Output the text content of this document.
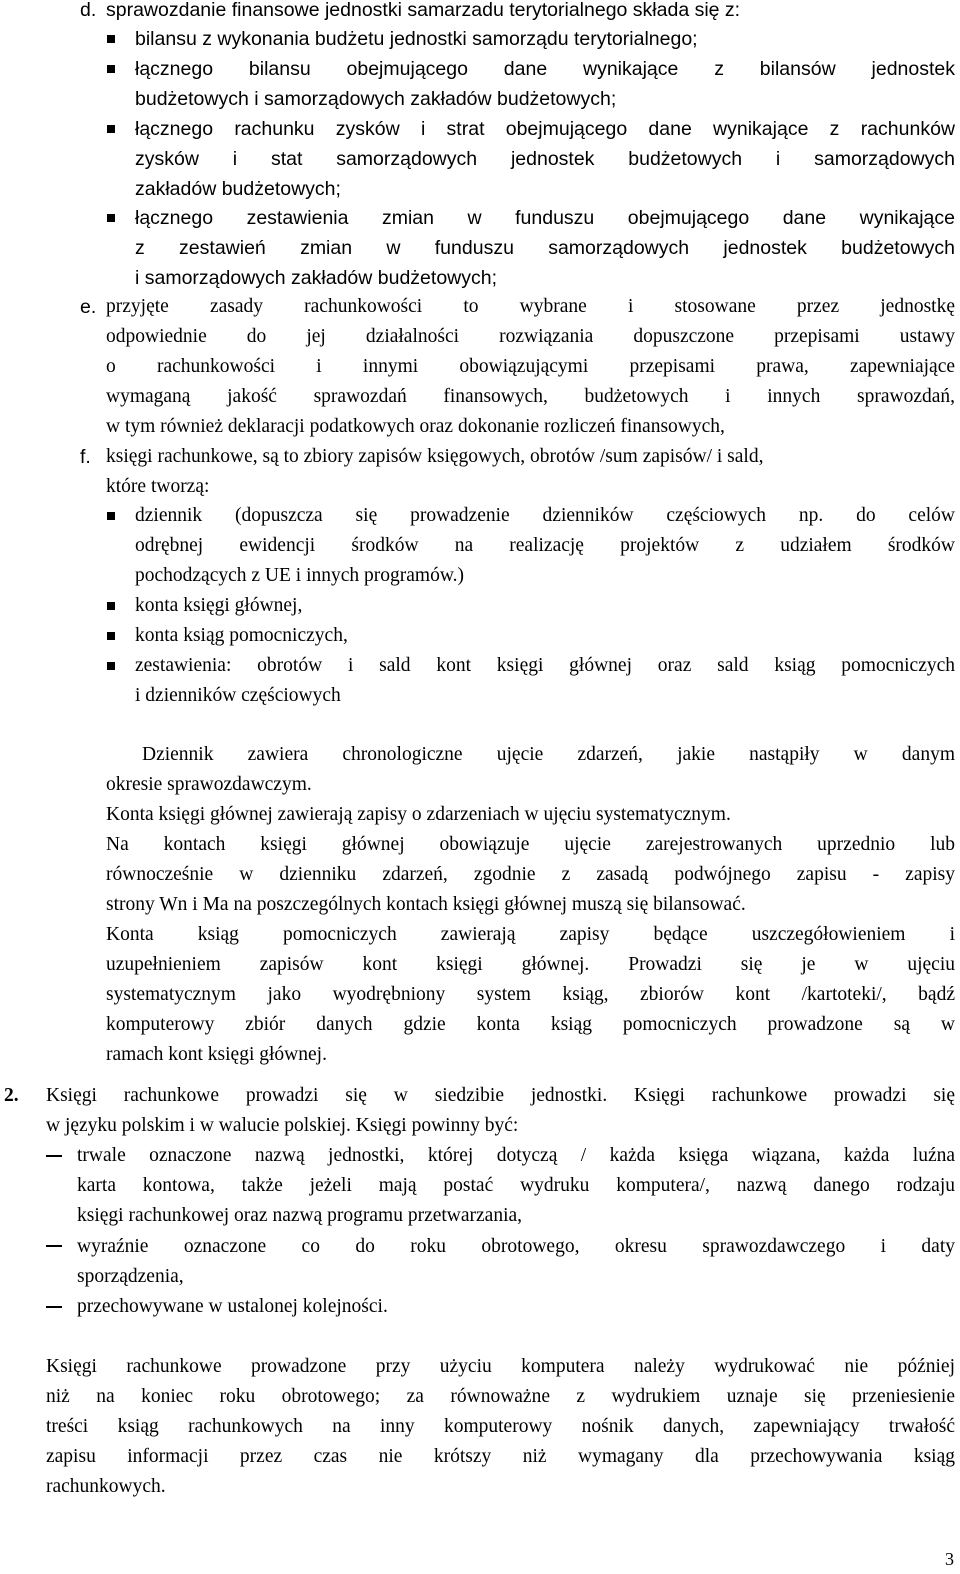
d. sprawozdanie finansowe jednostki samarzadu terytorialnego składa się z:
bilansu z wykonania budżetu jednostki samorządu terytorialnego;
łącznego bilansu obejmującego dane wynikające z bilansów jednostek
budżetowych i samorządowych zakładów budżetowych;
łącznego rachunku zysków i strat obejmującego dane wynikające z rachunków
zysków i stat samorządowych jednostek budżetowych i samorządowych
zakładów budżetowych;
łącznego zestawienia zmian w funduszu obejmującego dane wynikające
z zestawień zmian w funduszu samorządowych jednostek budżetowych
i samorządowych zakładów budżetowych;
e. przyjęte zasady rachunkowości to wybrane i stosowane przez jednostkę
odpowiednie do jej działalności rozwiązania dopuszczone przepisami ustawy
o rachunkowości i innymi obowiązującymi przepisami prawa, zapewniające
wymaganą jakość sprawozdań finansowych, budżetowych i innych sprawozdań,
w tym również deklaracji podatkowych oraz dokonanie rozliczeń finansowych,
f. księgi rachunkowe, są to zbiory zapisów księgowych, obrotów /sum zapisów/ i sald,
które tworzą:
dziennik (dopuszcza się prowadzenie dzienników częściowych np. do celów
odrębnej ewidencji środków na realizację projektów z udziałem środków
pochodzących z UE i innych programów.)
konta księgi głównej,
konta ksiąg pomocniczych,
zestawienia: obrotów i sald kont księgi głównej oraz sald ksiąg pomocniczych
i dzienników częściowych
Dziennik zawiera chronologiczne ujęcie zdarzeń, jakie nastąpiły w danym
okresie sprawozdawczym.
Konta księgi głównej zawierają zapisy o zdarzeniach w ujęciu systematycznym.
Na kontach księgi głównej obowiązuje ujęcie zarejestrowanych uprzednio lub
równocześnie w dzienniku zdarzeń, zgodnie z zasadą podwójnego zapisu - zapisy
strony Wn i Ma na poszczególnych kontach księgi głównej muszą się bilansować.
Konta ksiąg pomocniczych zawierają zapisy będące uszczegółowieniem i
uzupełnieniem zapisów kont księgi głównej. Prowadzi się je w ujęciu
systematycznym jako wyodrębniony system ksiąg, zbiorów kont /kartoteki/, bądź
komputerowy zbiór danych gdzie konta ksiąg pomocniczych prowadzone są w
ramach kont księgi głównej.
2. Księgi rachunkowe prowadzi się w siedzibie jednostki. Księgi rachunkowe prowadzi się
w języku polskim i w walucie polskiej. Księgi powinny być:
trwale oznaczone nazwą jednostki, której dotyczą / każda księga wiązana, każda luźna
karta kontowa, także jeżeli mają postać wydruku komputera/, nazwą danego rodzaju
księgi rachunkowej oraz nazwą programu przetwarzania,
wyraźnie oznaczone co do roku obrotowego, okresu sprawozdawczego i daty
sporządzenia,
przechowywane w ustalonej kolejności.
Księgi rachunkowe prowadzone przy użyciu komputera należy wydrukować nie później
niż na koniec roku obrotowego; za równoważne z wydrukiem uznaje się przeniesienie
treści ksiąg rachunkowych na inny komputerowy nośnik danych, zapewniający trwałość
zapisu informacji przez czas nie krótszy niż wymagany dla przechowywania ksiąg
rachunkowych.
3
